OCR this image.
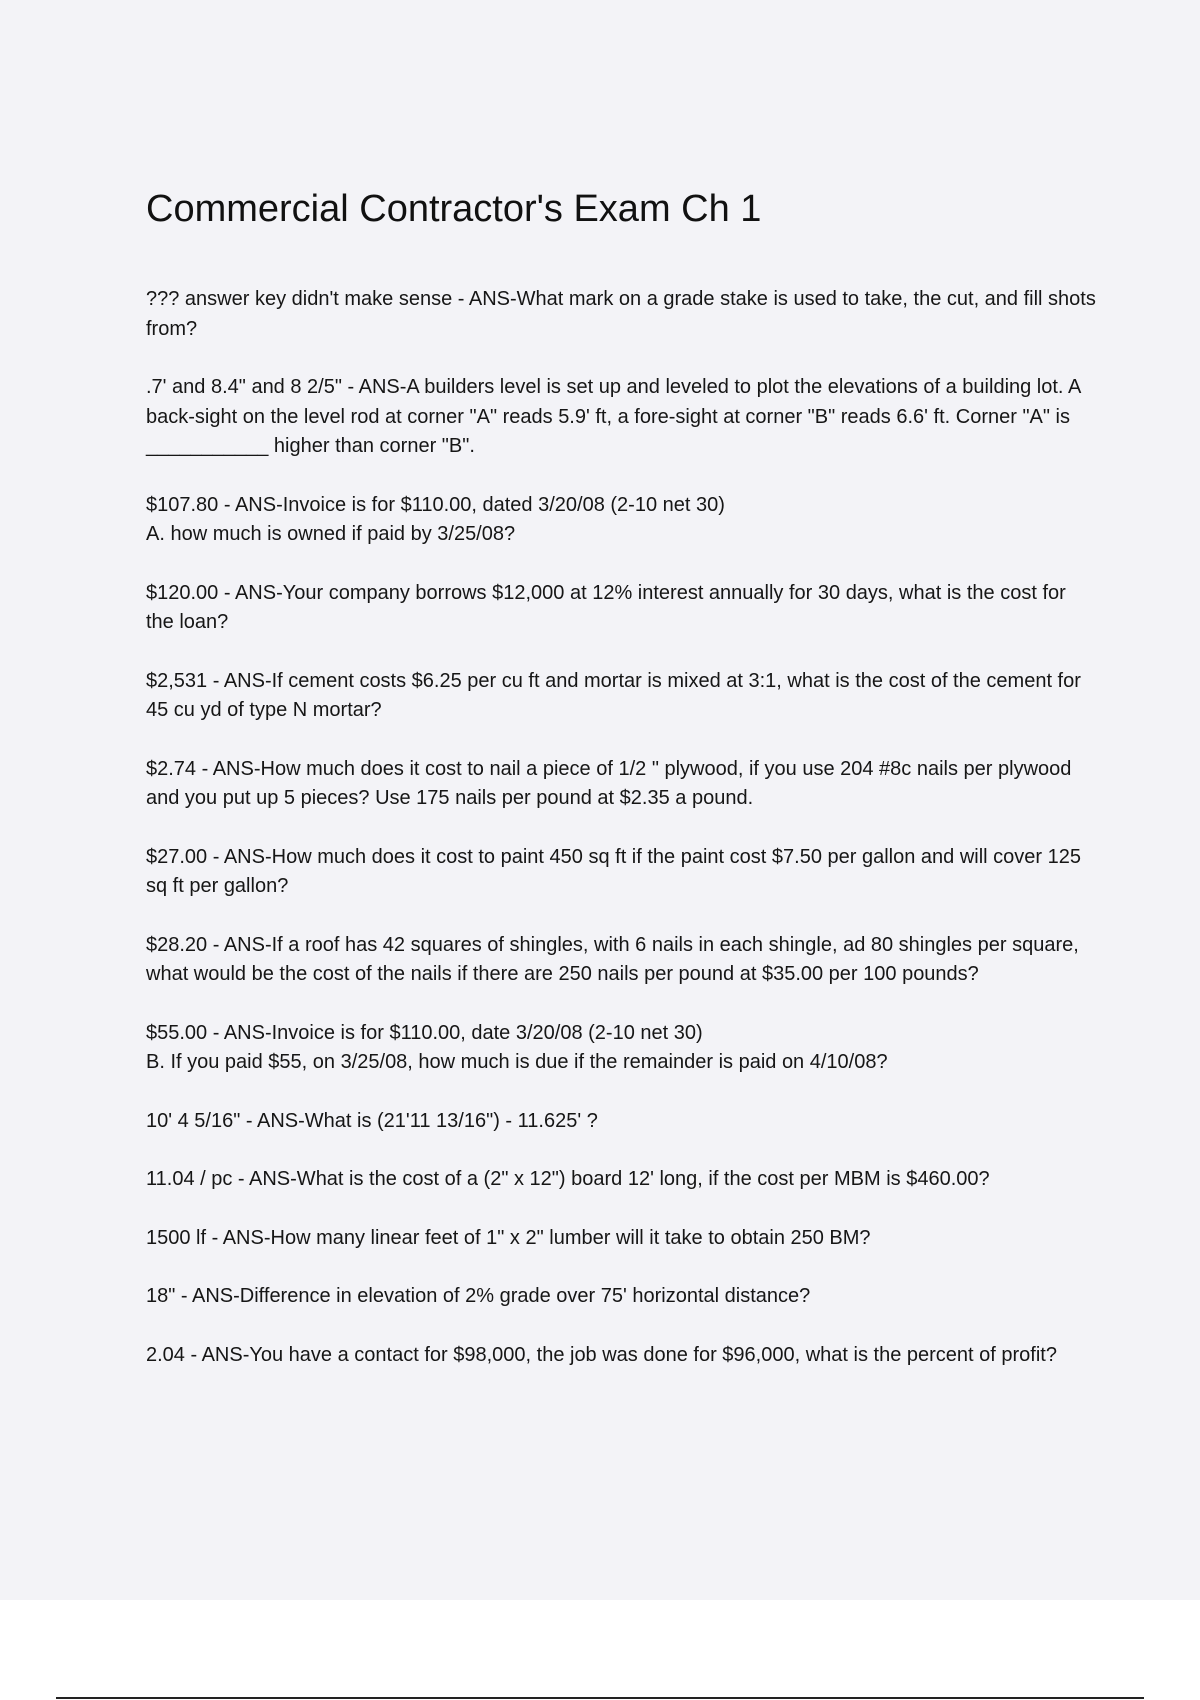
Commercial Contractor's Exam Ch 1

??? answer key didn't make sense - ANS-What mark on a grade stake is used to take, the cut, and fill shots from?

.7' and 8.4" and 8 2/5" - ANS-A builders level is set up and leveled to plot the elevations of a building lot. A back-sight on the level rod at corner "A" reads 5.9' ft, a fore-sight at corner "B" reads 6.6' ft. Corner "A" is ___________ higher than corner "B".

$107.80 - ANS-Invoice is for $110.00, dated 3/20/08 (2-10 net 30)

A. how much is owned if paid by 3/25/08?

$120.00 - ANS-Your company borrows $12,000 at 12% interest annually for 30 days, what is the cost for the loan?

$2,531 - ANS-If cement costs $6.25 per cu ft and mortar is mixed at 3:1, what is the cost of the cement for 45 cu yd of type N mortar?

$2.74 - ANS-How much does it cost to nail a piece of 1/2 " plywood, if you use 204 #8c nails per plywood and you put up 5 pieces? Use 175 nails per pound at $2.35 a pound.

$27.00 - ANS-How much does it cost to paint 450 sq ft if the paint cost $7.50 per gallon and will cover 125 sq ft per gallon?

$28.20 - ANS-If a roof has 42 squares of shingles, with 6 nails in each shingle, ad 80 shingles per square, what would be the cost of the nails if there are 250 nails per pound at $35.00 per 100 pounds?

$55.00 - ANS-Invoice is for $110.00, date 3/20/08 (2-10 net 30)

B. If you paid $55, on 3/25/08, how much is due if the remainder is paid on 4/10/08?

10' 4 5/16" - ANS-What is (21'11 13/16") - 11.625' ?

11.04 / pc - ANS-What is the cost of a (2" x 12") board 12' long, if the cost per MBM is $460.00?

1500 lf - ANS-How many linear feet of 1" x 2" lumber will it take to obtain 250 BM?

18" - ANS-Difference in elevation of 2% grade over 75' horizontal distance?

2.04 - ANS-You have a contact for $98,000, the job was done for $96,000, what is the percent of profit?
